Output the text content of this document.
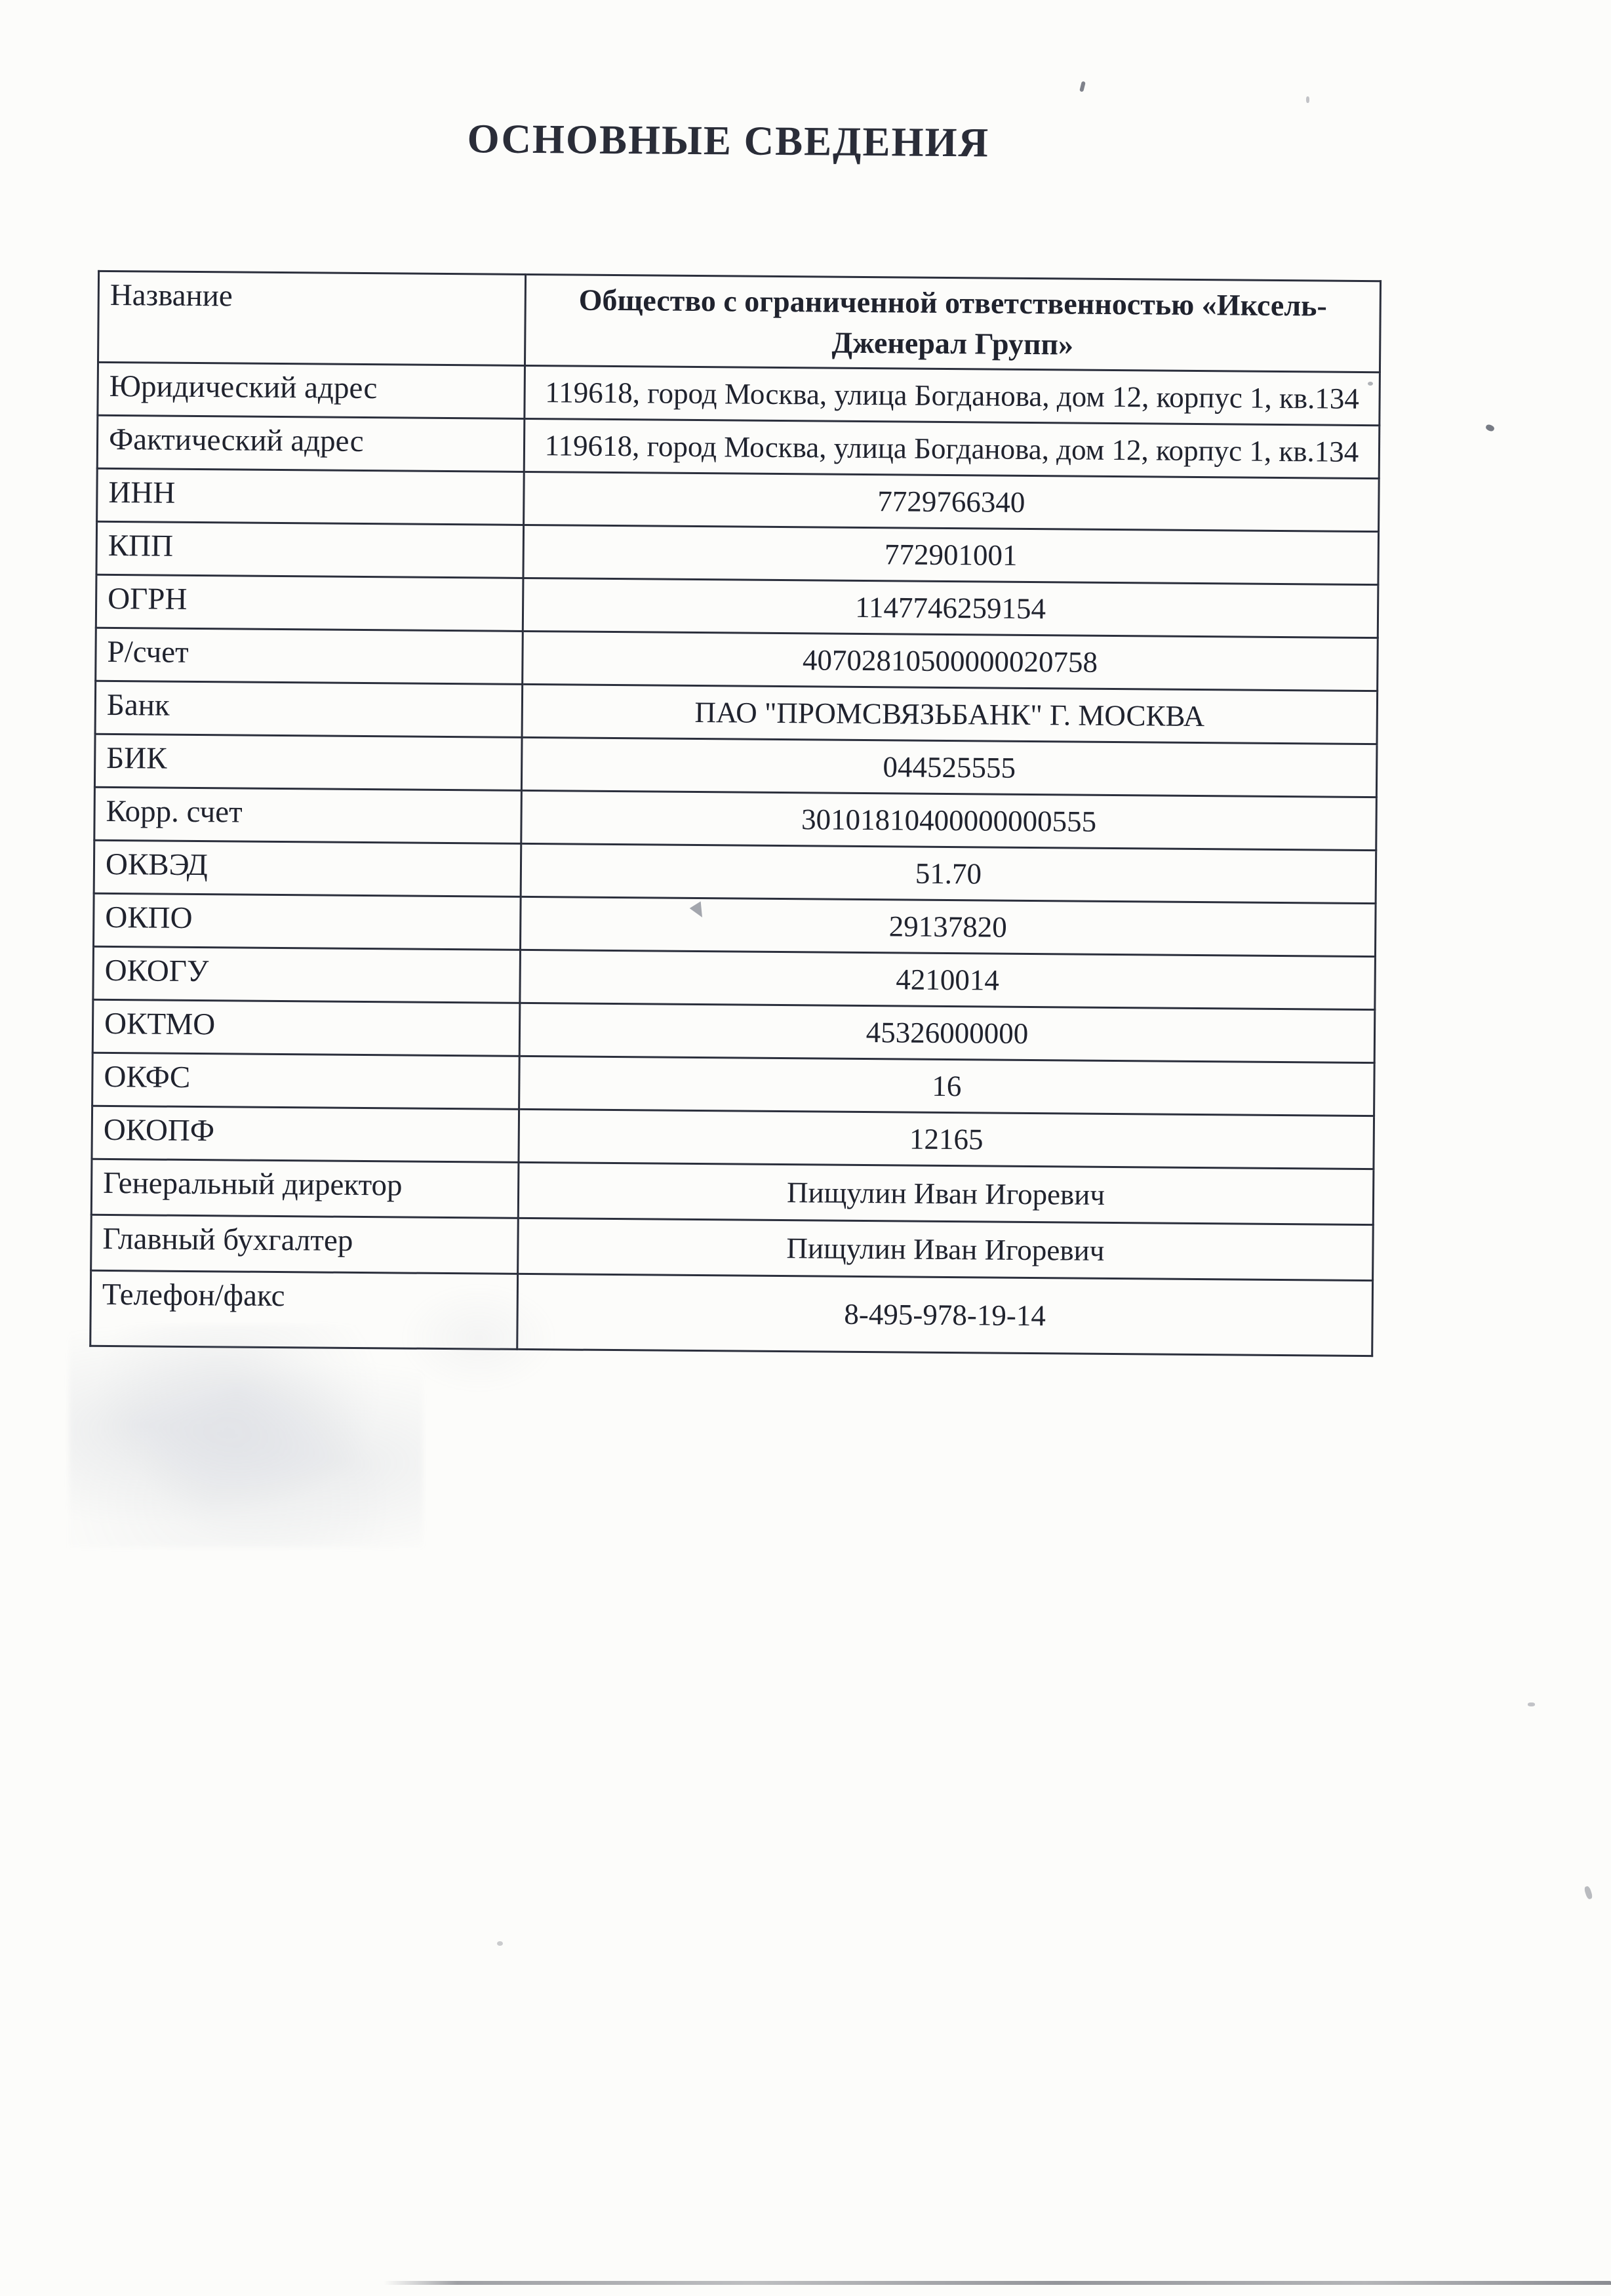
ОСНОВНЫЕ СВЕДЕНИЯ
Название	Общество с ограниченной ответственностью «Иксель-Дженерал Групп»
Юридический адрес	119618, город Москва, улица Богданова, дом 12, корпус 1, кв.134
Фактический адрес	119618, город Москва, улица Богданова, дом 12, корпус 1, кв.134
ИНН	7729766340
КПП	772901001
ОГРН	1147746259154
Р/счет	40702810500000020758
Банк	ПАО "ПРОМСВЯЗЬБАНК" Г. МОСКВА
БИК	044525555
Корр. счет	30101810400000000555
ОКВЭД	51.70
ОКПО	29137820
ОКОГУ	4210014
ОКТМО	45326000000
ОКФС	16
ОКОПФ	12165
Генеральный директор	Пищулин Иван Игоревич
Главный бухгалтер	Пищулин Иван Игоревич
Телефон/факс	8-495-978-19-14
